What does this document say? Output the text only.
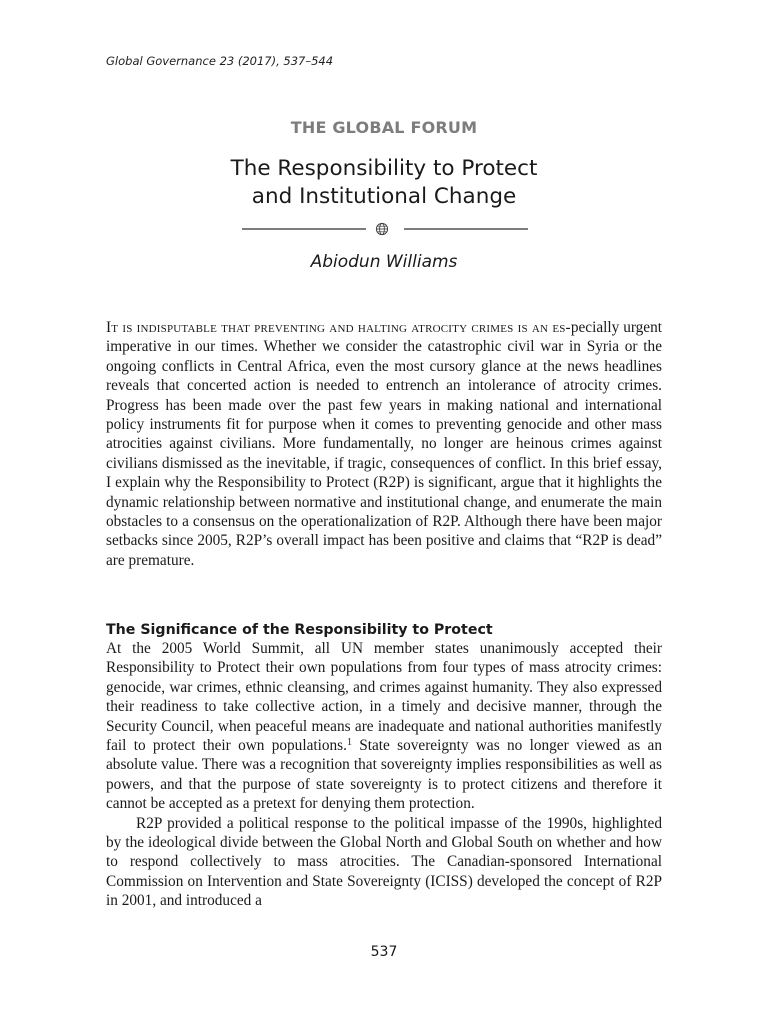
Global Governance 23 (2017), 537–544
THE GLOBAL FORUM
The Responsibility to Protect
and Institutional Change
Abiodun Williams

It is indisputable that preventing and halting atrocity crimes is an es-pecially urgent imperative in our times. Whether we consider the catastrophic civil war in Syria or the ongoing conflicts in Central Africa, even the most cursory glance at the news headlines reveals that concerted action is needed to entrench an intolerance of atrocity crimes. Progress has been made over the past few years in making national and international policy instruments fit for purpose when it comes to preventing genocide and other mass atrocities against civilians. More fundamentally, no longer are heinous crimes against civilians dismissed as the inevitable, if tragic, consequences of conflict. In this brief essay, I explain why the Responsibility to Protect (R2P) is significant, argue that it highlights the dynamic relationship between normative and institutional change, and enumerate the main obstacles to a consensus on the operationalization of R2P. Although there have been major setbacks since 2005, R2P’s overall impact has been positive and claims that “R2P is dead” are premature.

The Significance of the Responsibility to Protect

At the 2005 World Summit, all UN member states unanimously accepted their Responsibility to Protect their own populations from four types of mass atrocity crimes: genocide, war crimes, ethnic cleansing, and crimes against humanity. They also expressed their readiness to take collective action, in a timely and decisive manner, through the Security Council, when peaceful means are inadequate and national authorities manifestly fail to protect their own populations.$^1$ State sovereignty was no longer viewed as an absolute value. There was a recognition that sovereignty implies responsibilities as well as powers, and that the purpose of state sovereignty is to protect citizens and therefore it cannot be accepted as a pretext for denying them protection.

R2P provided a political response to the political impasse of the 1990s, highlighted by the ideological divide between the Global North and Global South on whether and how to respond collectively to mass atrocities. The Canadian-sponsored International Commission on Intervention and State Sovereignty (ICISS) developed the concept of R2P in 2001, and introduced a

537
